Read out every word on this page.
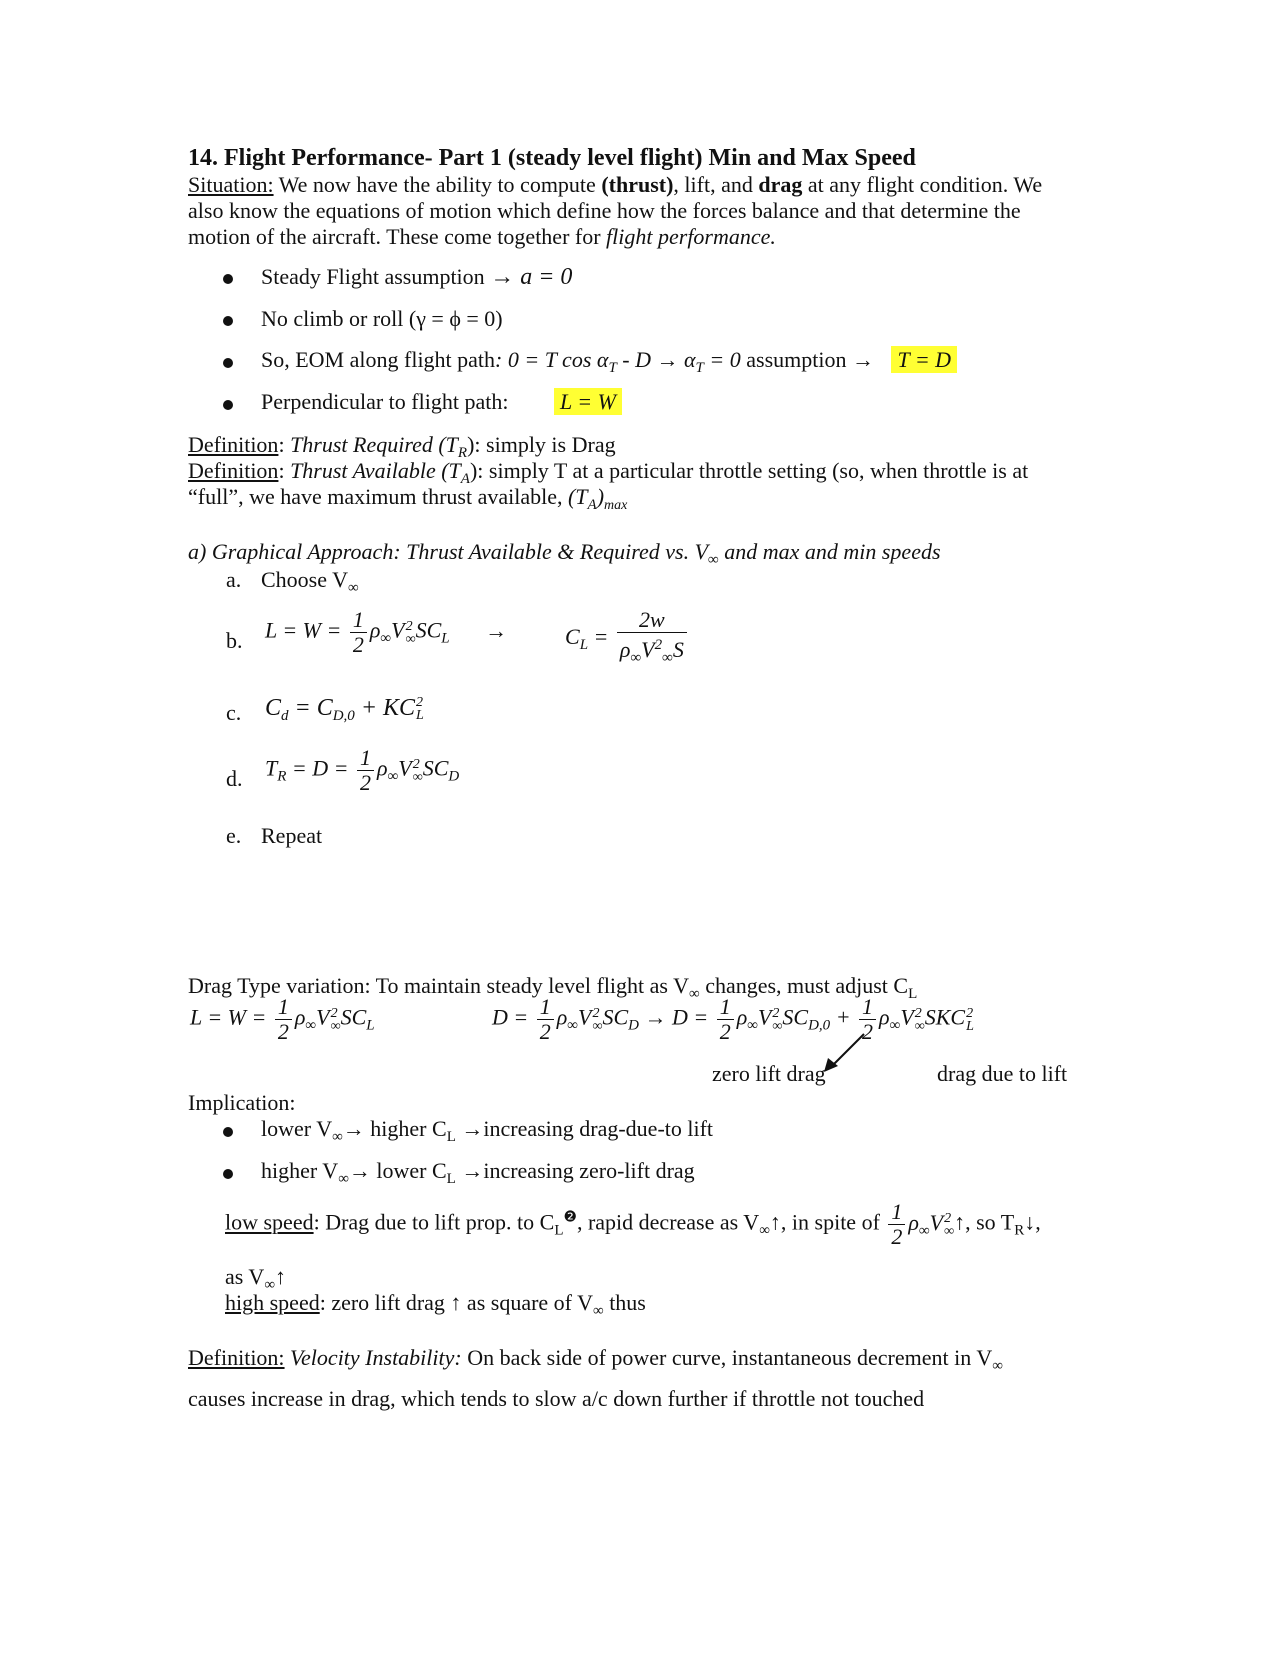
14. Flight Performance- Part 1 (steady level flight) Min and Max Speed
Situation: We now have the ability to compute (thrust), lift, and drag at any flight condition. We
also know the equations of motion which define how the forces balance and that determine the
motion of the aircraft. These come together for flight performance.
Steady Flight assumption → a = 0
No climb or roll (γ = ϕ = 0)
So, EOM along flight path: 0 = T $\cos \alpha_T - D \to \alpha_T = 0$ assumption → T = D
Perpendicular to flight path: L = W
Definition: Thrust Required $(T_R)$: simply is Drag
Definition: Thrust Available $(T_A)$: simply T at a particular throttle setting (so, when throttle is at
“full”, we have maximum thrust available, $(T_A)_{max}$
a) Graphical Approach: Thrust Available & Required vs. $V_\infty$ and max and min speeds
a. Choose $V_\infty$
b. $L = W = \frac{1}{2} \rho_\infty V$ 2
∞ $SC_L$ →	$C_L = \frac{2w}{\rho_\infty V^2_\infty S}$
c. $C_d = C_{D,0}$ + KC 2
L
d. $T_R = D = \frac{1}{2} \rho_\infty V$ 2
∞ $SC_D$
e. Repeat
Drag Type variation: To maintain steady level flight as $V_\infty$ changes, must adjust $C_L$
$L = W = \frac{1}{2} \rho_\infty V$ 2
∞ $SC_L$	$D = \frac{1}{2} \rho_\infty V$ 2
∞ $SC_D \to D = \frac{1}{2} \rho_\infty V$ 2
∞ $SC_{D,0} + \frac{1}{2} \rho_\infty V$ 2
∞ SKC 2
L
zero lift drag	drag due to lift
Implication:
lower $V_\infty\to$ higher $C_L$ →increasing drag-due-to lift
higher $V_\infty\to$ lower $C_L$ →increasing zero-lift drag
low speed: Drag due to lift prop. to $C_L^❷$, rapid decrease as $V_\infty↑$, in spite of $\frac{1}{2} \rho_\infty V$ 2
∞ ↑, so $T_R↓$,
as $V_\infty↑$
high speed: zero lift drag ↑ as square of $V_\infty$ thus
Definition: Velocity Instability: On back side of power curve, instantaneous decrement in $V_\infty$
causes increase in drag, which tends to slow a/c down further if throttle not touched
